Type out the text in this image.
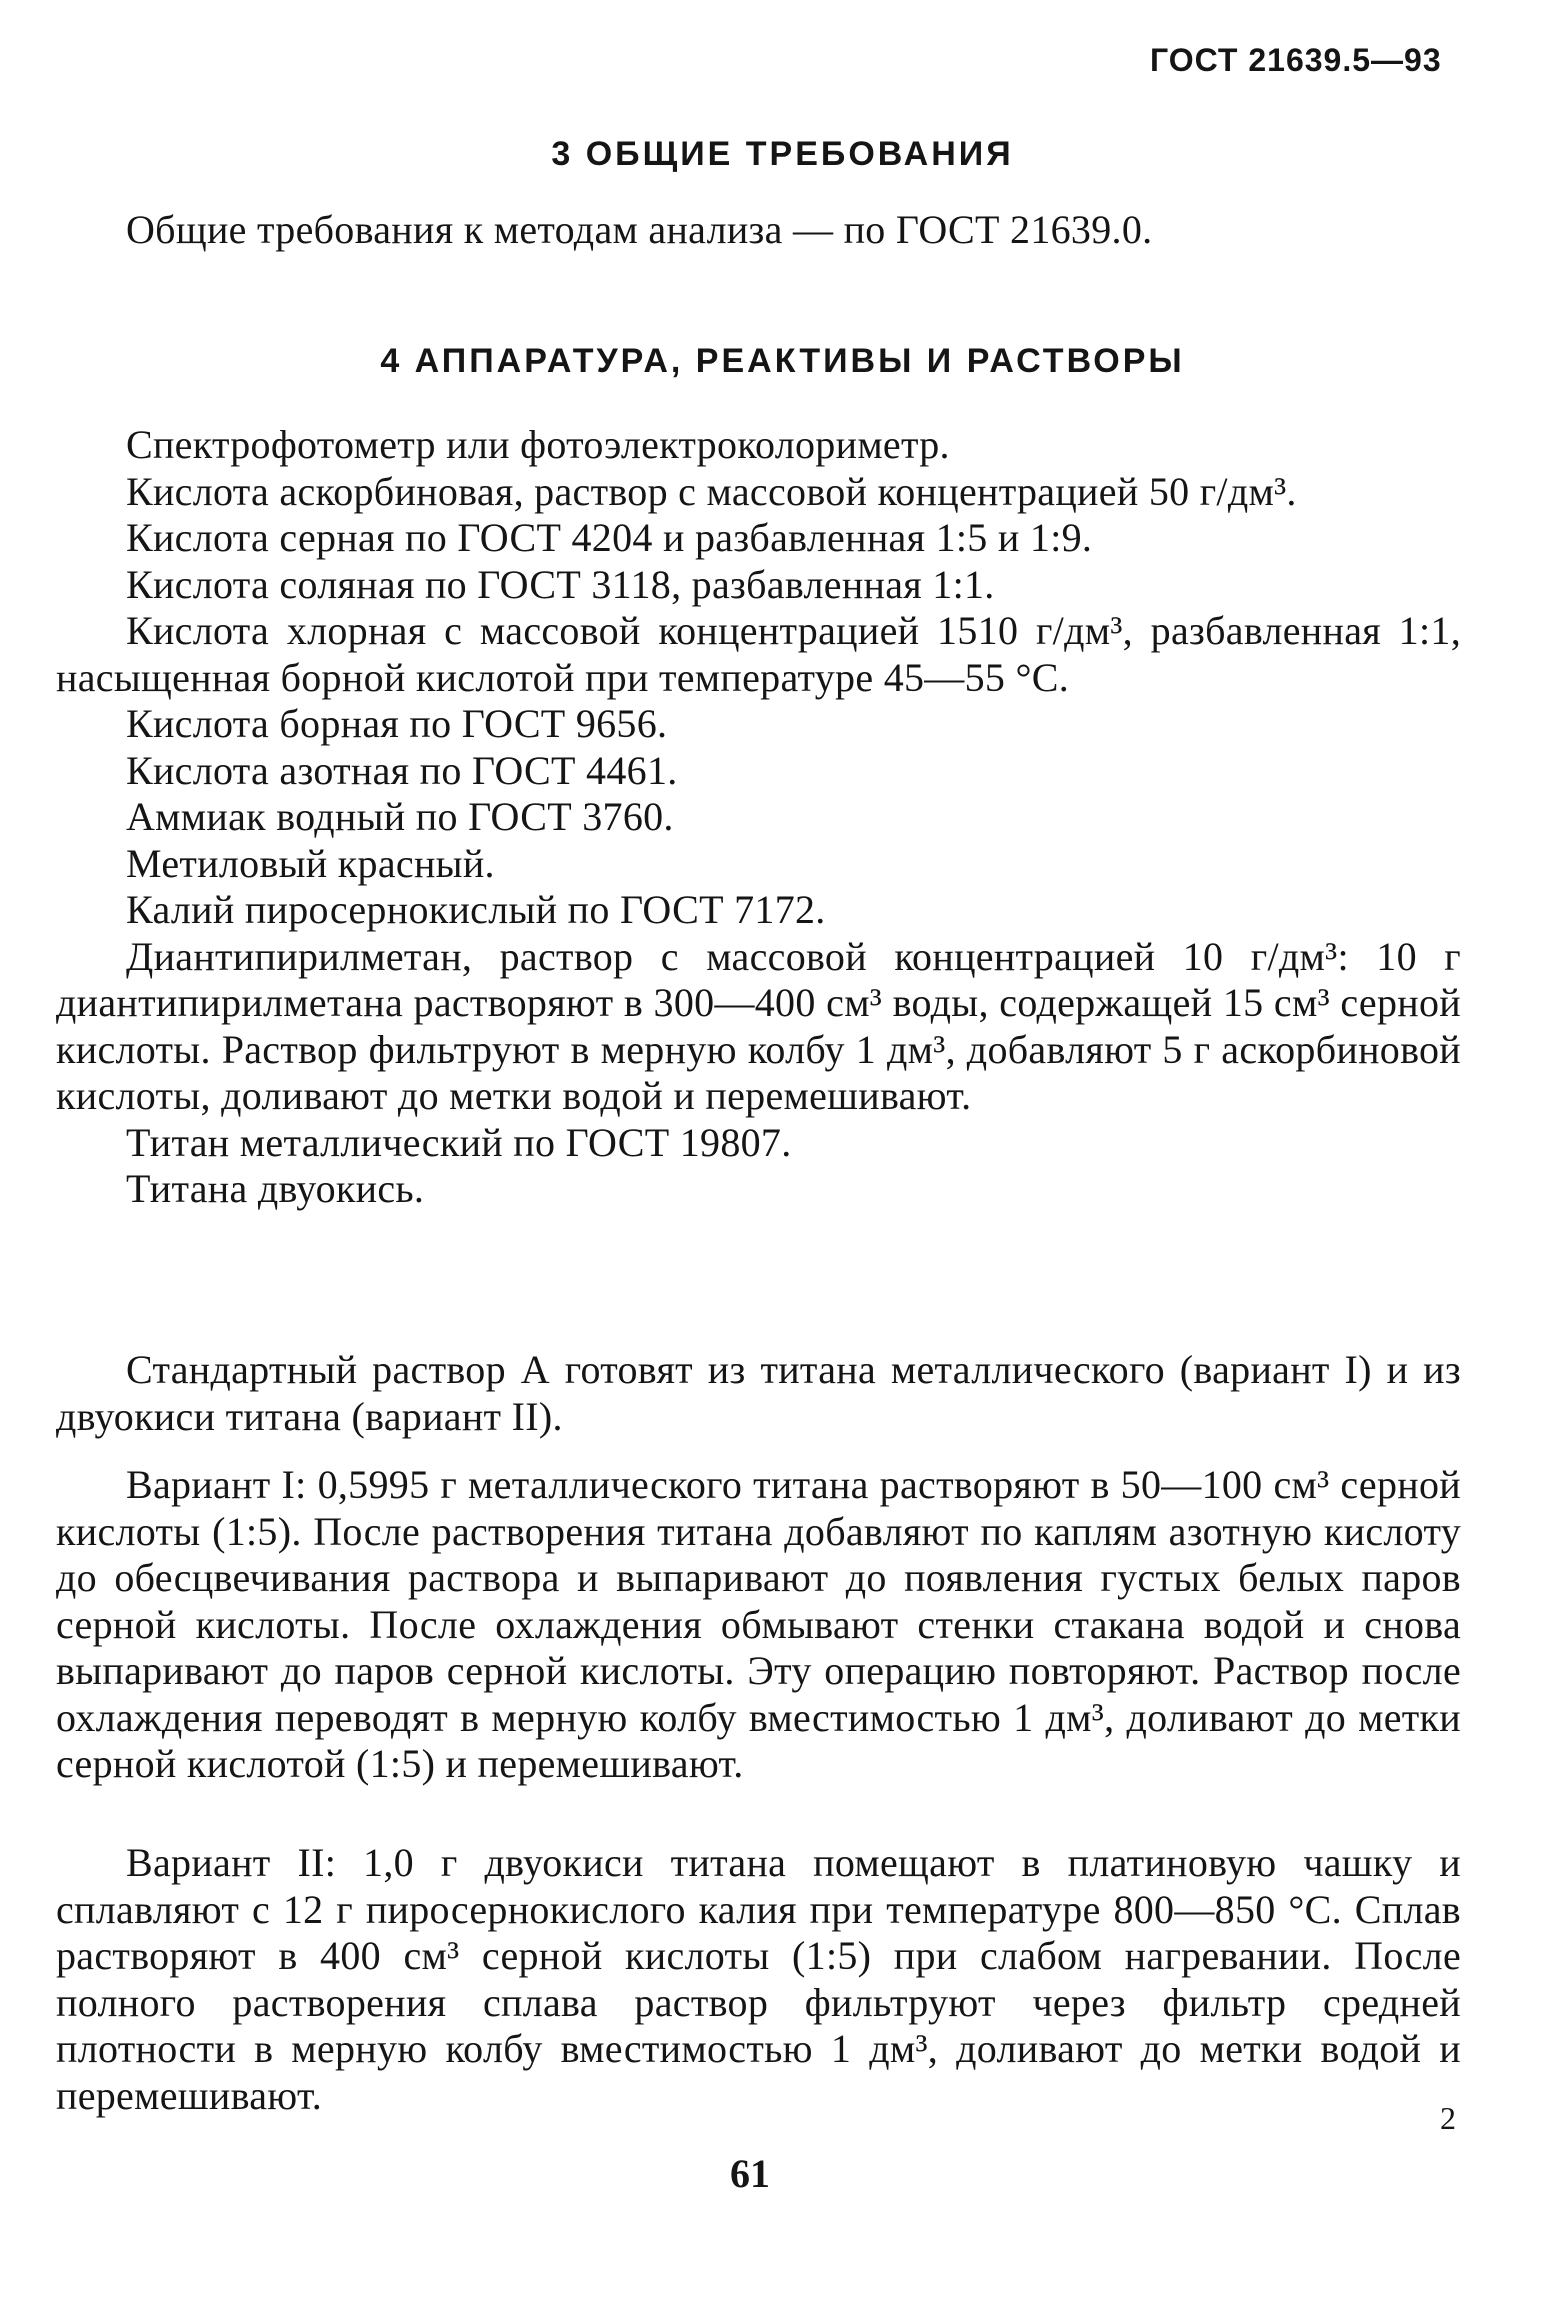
ГОСТ 21639.5—93
3 ОБЩИЕ ТРЕБОВАНИЯ

Общие требования к методам анализа — по ГОСТ 21639.0.

4 АППАРАТУРА, РЕАКТИВЫ И РАСТВОРЫ

Спектрофотометр или фотоэлектроколориметр.

Кислота аскорбиновая, раствор с массовой концентрацией 50 г/дм³.

Кислота серная по ГОСТ 4204 и разбавленная 1:5 и 1:9.

Кислота соляная по ГОСТ 3118, разбавленная 1:1.

Кислота хлорная с массовой концентрацией 1510 г/дм³, разбавленная 1:1, насыщенная борной кислотой при температуре 45—55 °С.

Кислота борная по ГОСТ 9656.

Кислота азотная по ГОСТ 4461.

Аммиак водный по ГОСТ 3760.

Метиловый красный.

Калий пиросернокислый по ГОСТ 7172.

Диантипирилметан, раствор с массовой концентрацией 10 г/дм³: 10 г диантипирилметана растворяют в 300—400 см³ воды, содержащей 15 см³ серной кислоты. Раствор фильтруют в мерную колбу 1 дм³, добавляют 5 г аскорбиновой кислоты, доливают до метки водой и перемешивают.

Титан металлический по ГОСТ 19807.

Титана двуокись.

Стандартный раствор А готовят из титана металлического (вариант I) и из двуокиси титана (вариант II).

Вариант I: 0,5995 г металлического титана растворяют в 50—100 см³ серной кислоты (1:5). После растворения титана добавляют по каплям азотную кислоту до обесцвечивания раствора и выпаривают до появления густых белых паров серной кислоты. После охлаждения обмывают стенки стакана водой и снова выпаривают до паров серной кислоты. Эту операцию повторяют. Раствор после охлаждения переводят в мерную колбу вместимостью 1 дм³, доливают до метки серной кислотой (1:5) и перемешивают.

Вариант II: 1,0 г двуокиси титана помещают в платиновую чашку и сплавляют с 12 г пиросернокислого калия при температуре 800—850 °С. Сплав растворяют в 400 см³ серной кислоты (1:5) при слабом нагревании. После полного растворения сплава раствор фильтруют через фильтр средней плотности в мерную колбу вместимостью 1 дм³, доливают до метки водой и перемешивают.

2
61
